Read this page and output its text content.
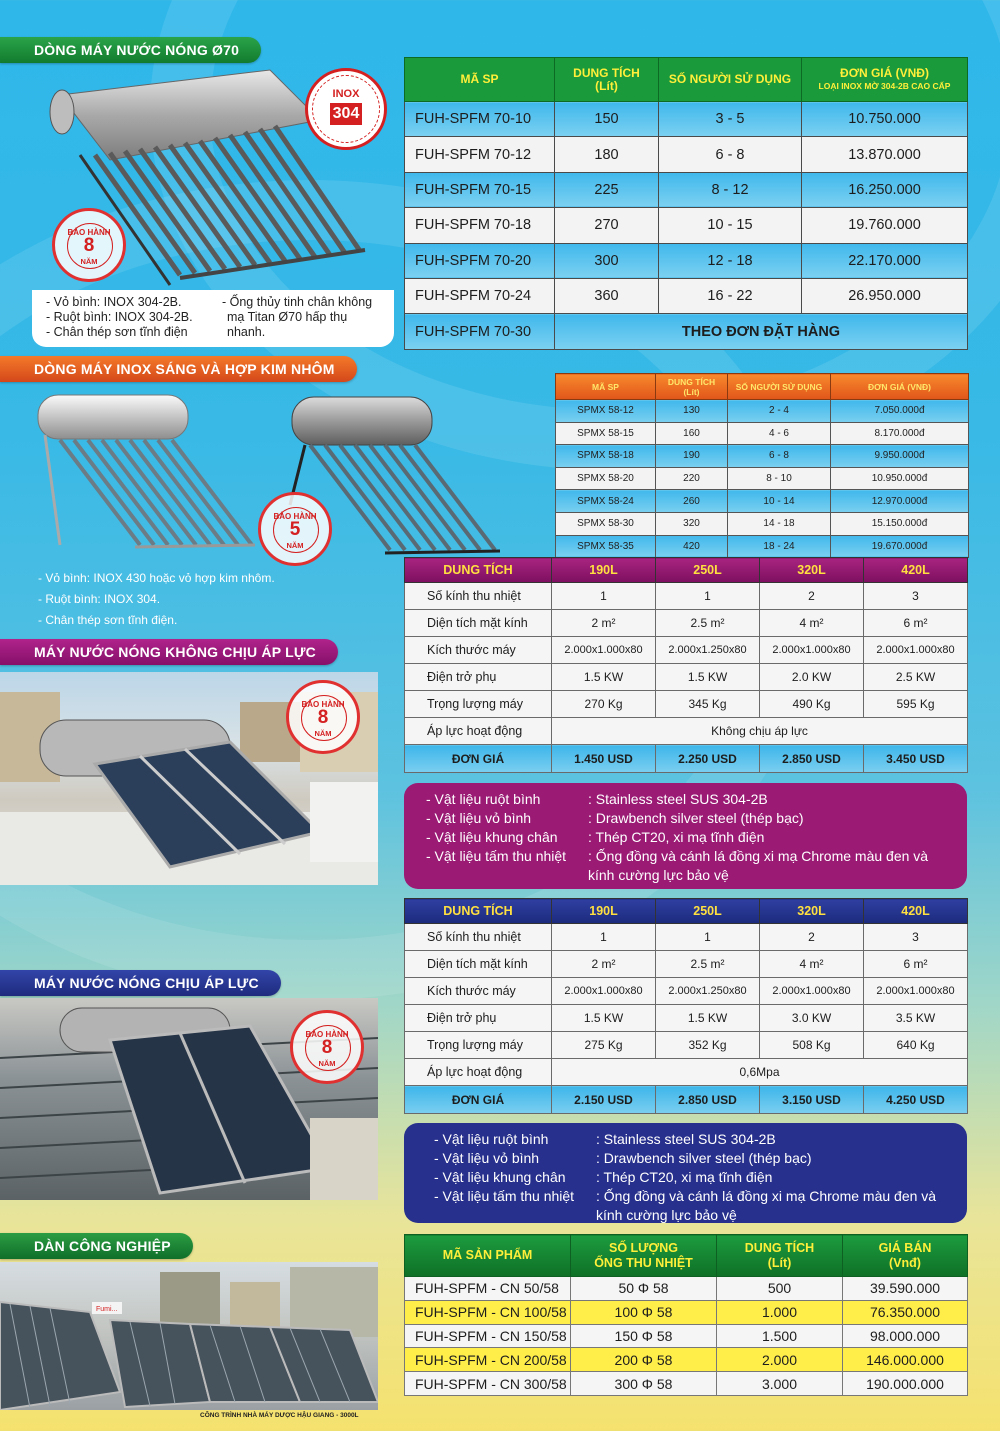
DÒNG MÁY NƯỚC NÓNG Ø70
INOX
304
BẢO HÀNH
8
NĂM
- Vỏ bình: INOX 304-2B.
- Ruột bình: INOX 304-2B.
- Chân thép sơn tĩnh điện
- Ống thủy tinh chân không
mạ Titan Ø70 hấp thụ
nhanh.
MÃ SP	DUNG TÍCH
(Lít)	SỐ NGƯỜI SỬ DỤNG	ĐƠN GIÁ (VNĐ)
LOẠI INOX MỜ 304-2B CAO CẤP

FUH-SPFM 70-10	150	3 - 5	10.750.000
FUH-SPFM 70-12	180	6 - 8	13.870.000
FUH-SPFM 70-15	225	8 - 12	16.250.000
FUH-SPFM 70-18	270	10 - 15	19.760.000
FUH-SPFM 70-20	300	12 - 18	22.170.000
FUH-SPFM 70-24	360	16 - 22	26.950.000
FUH-SPFM 70-30	THEO ĐƠN ĐẶT HÀNG		
DÒNG MÁY INOX SÁNG VÀ HỢP KIM NHÔM
BẢO HÀNH
5
NĂM
- Vỏ bình: INOX 430 hoặc vỏ hợp kim nhôm.
- Ruột bình: INOX 304.
- Chân thép sơn tĩnh điện.
MÃ SP	DUNG TÍCH
(Lít)	SỐ NGƯỜI SỬ DỤNG	ĐƠN GIÁ (VNĐ)
SPMX 58-12	130	2 - 4	7.050.000đ
SPMX 58-15	160	4 - 6	8.170.000đ
SPMX 58-18	190	6 - 8	9.950.000đ
SPMX 58-20	220	8 - 10	10.950.000đ
SPMX 58-24	260	10 - 14	12.970.000đ
SPMX 58-30	320	14 - 18	15.150.000đ
SPMX 58-35	420	18 - 24	19.670.000đ
MÁY NƯỚC NÓNG KHÔNG CHỊU ÁP LỰC
BẢO HÀNH
8
NĂM
DUNG TÍCH	190L	250L	320L	420L
Số kính thu nhiệt	1	1	2	3
Diện tích mặt kính	2 m²	2.5 m²	4 m²	6 m²
Kích thước máy	2.000x1.000x80	2.000x1.250x80	2.000x1.000x80	2.000x1.000x80
Điện trở phụ	1.5 KW	1.5 KW	2.0 KW	2.5 KW
Trọng lượng máy	270 Kg	345 Kg	490 Kg	595 Kg
Áp lực hoạt động	Không chịu áp lực			
ĐƠN GIÁ	1.450 USD	2.250 USD	2.850 USD	3.450 USD
- Vật liệu ruột bình	: Stainless steel SUS 304-2B
- Vật liệu vỏ bình	: Drawbench silver steel (thép bạc)
- Vật liệu khung chân	: Thép CT20, xi mạ tĩnh điện
- Vật liệu tấm thu nhiệt	: Ống đồng và cánh lá đồng xi mạ Chrome màu đen và kính cường lực bảo vệ
MÁY NƯỚC NÓNG CHỊU ÁP LỰC
BẢO HÀNH
8
NĂM
DUNG TÍCH	190L	250L	320L	420L
Số kính thu nhiệt	1	1	2	3
Diện tích mặt kính	2 m²	2.5 m²	4 m²	6 m²
Kích thước máy	2.000x1.000x80	2.000x1.250x80	2.000x1.000x80	2.000x1.000x80
Điện trở phụ	1.5 KW	1.5 KW	3.0 KW	3.5 KW
Trọng lượng máy	275 Kg	352 Kg	508 Kg	640 Kg
Áp lực hoạt động	0,6Mpa			
ĐƠN GIÁ	2.150 USD	2.850 USD	3.150 USD	4.250 USD
- Vật liệu ruột bình	: Stainless steel SUS 304-2B
- Vật liệu vỏ bình	: Drawbench silver steel (thép bạc)
- Vật liệu khung chân	: Thép CT20, xi mạ tĩnh điện
- Vật liệu tấm thu nhiệt	: Ống đồng và cánh lá đồng xi mạ Chrome màu đen và kính cường lực bảo vệ
DÀN CÔNG NGHIỆP
Fumi...
CÔNG TRÌNH NHÀ MÁY DƯỢC HẬU GIANG - 3000L
MÃ SẢN PHẨM	SỐ LƯỢNG
ỐNG THU NHIỆT	DUNG TÍCH
(Lít)	GIÁ BÁN
(Vnđ)
FUH-SPFM - CN 50/58	50 Φ 58	500	39.590.000
FUH-SPFM - CN 100/58	100 Φ 58	1.000	76.350.000
FUH-SPFM - CN 150/58	150 Φ 58	1.500	98.000.000
FUH-SPFM - CN 200/58	200 Φ 58	2.000	146.000.000
FUH-SPFM - CN 300/58	300 Φ 58	3.000	190.000.000
